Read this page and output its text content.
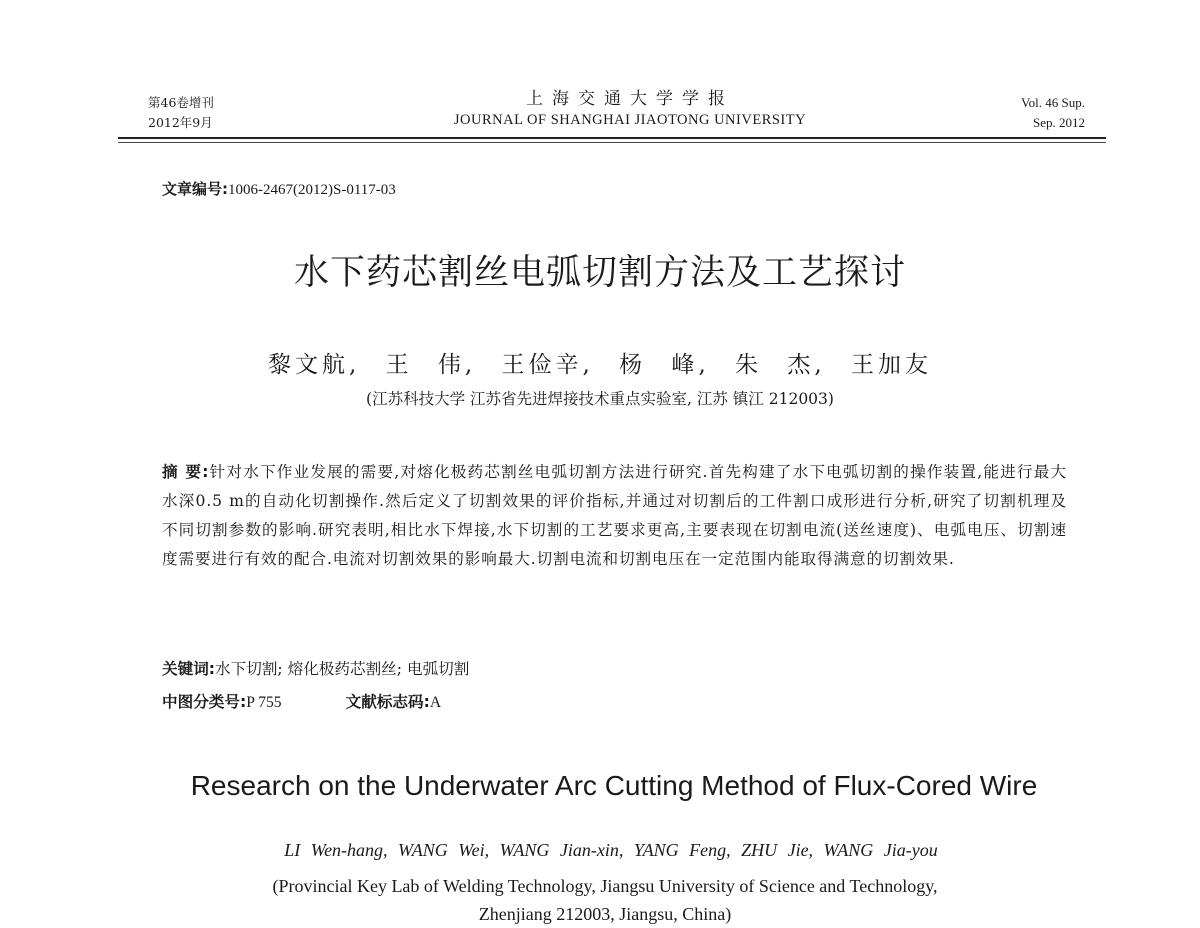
第46卷增刊
2012年9月
上海交通大学学报
JOURNAL OF SHANGHAI JIAOTONG UNIVERSITY
Vol. 46 Sup.
Sep. 2012
文章编号:1006-2467(2012)S-0117-03
水下药芯割丝电弧切割方法及工艺探讨
黎文航, 王 伟, 王俭辛, 杨 峰, 朱 杰, 王加友
(江苏科技大学 江苏省先进焊接技术重点实验室, 江苏 镇江 212003)
摘 要:针对水下作业发展的需要,对熔化极药芯割丝电弧切割方法进行研究.首先构建了水下电弧切割的操作装置,能进行最大水深0.5 m的自动化切割操作.然后定义了切割效果的评价指标,并通过对切割后的工件割口成形进行分析,研究了切割机理及不同切割参数的影响.研究表明,相比水下焊接,水下切割的工艺要求更高,主要表现在切割电流(送丝速度)、电弧电压、切割速度需要进行有效的配合.电流对切割效果的影响最大.切割电流和切割电压在一定范围内能取得满意的切割效果.
关键词:水下切割; 熔化极药芯割丝; 电弧切割
中图分类号:P 755	文献标志码:A
Research on the Underwater Arc Cutting Method of Flux-Cored Wire
LI Wen-hang, WANG Wei, WANG Jian-xin, YANG Feng, ZHU Jie, WANG Jia-you
(Provincial Key Lab of Welding Technology, Jiangsu University of Science and Technology,
Zhenjiang 212003, Jiangsu, China)
